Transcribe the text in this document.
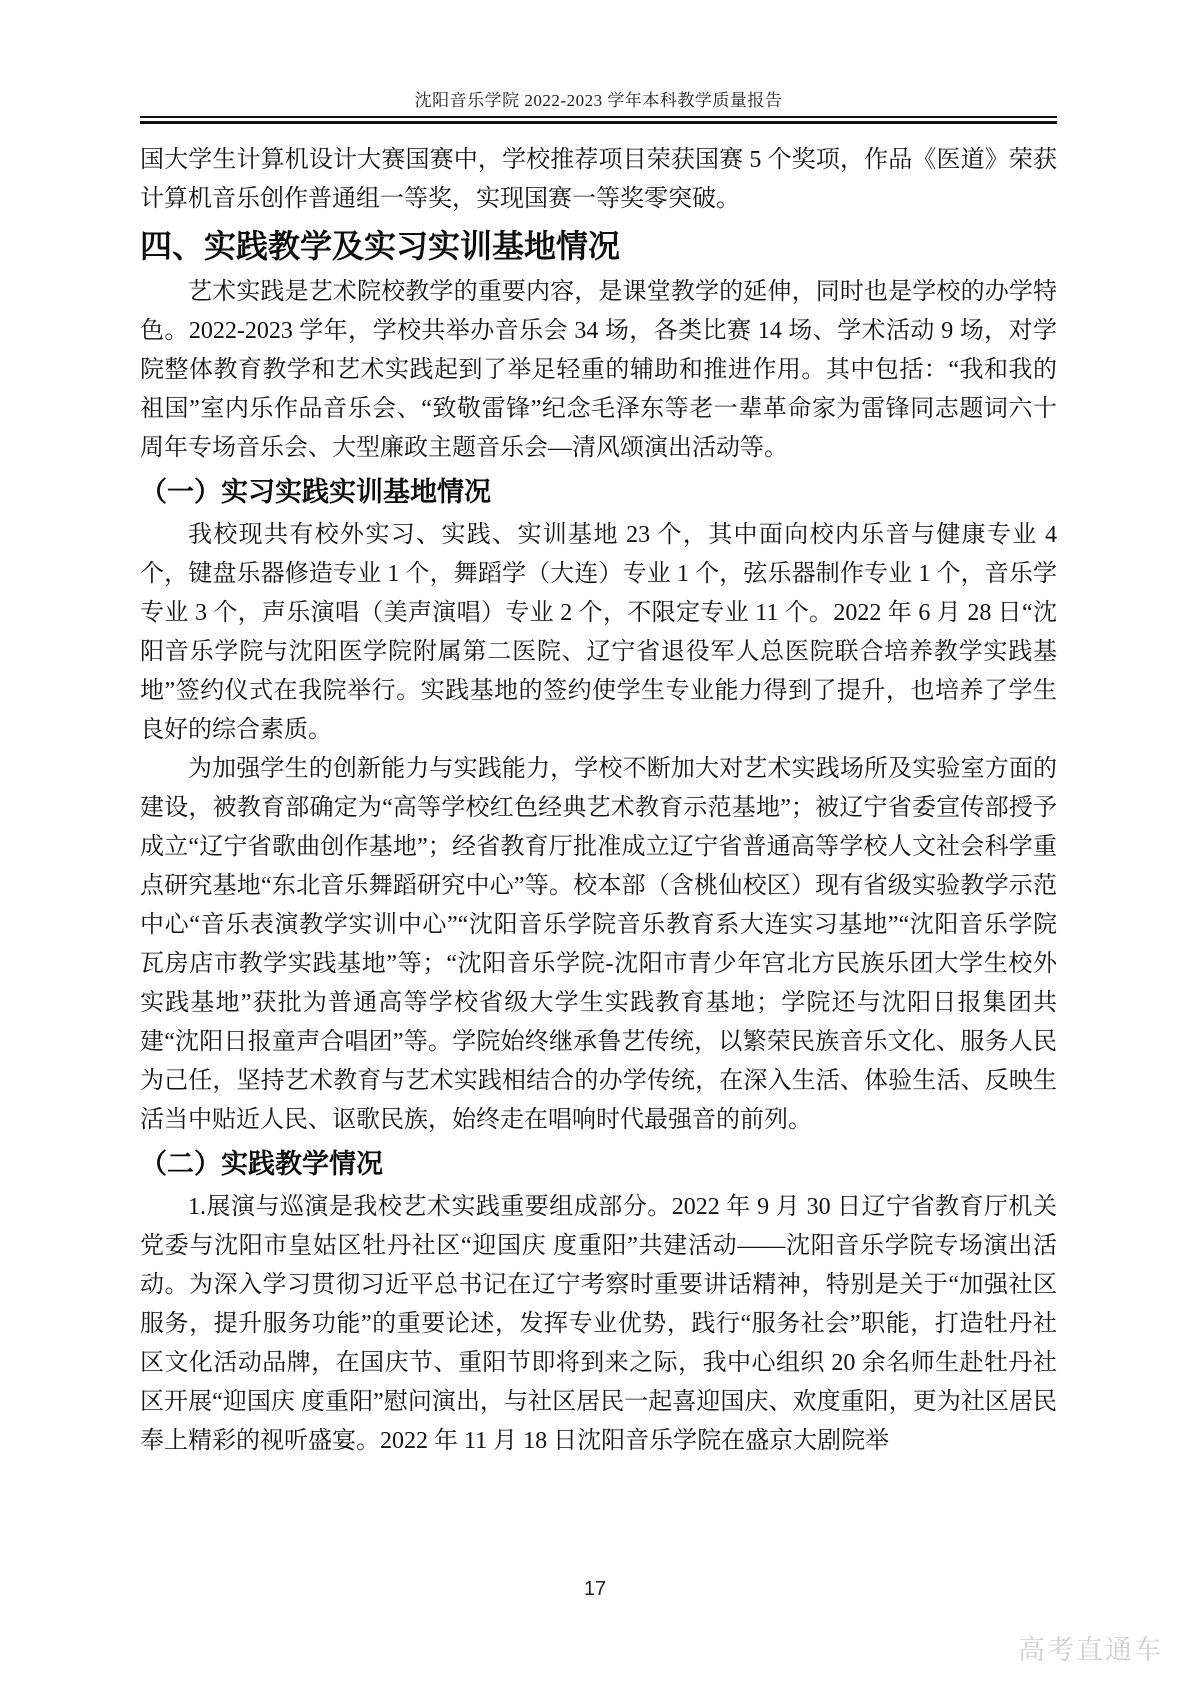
沈阳音乐学院 2022-2023 学年本科教学质量报告

国大学生计算机设计大赛国赛中，学校推荐项目荣获国赛 5 个奖项，作品《医道》荣获计算机音乐创作普通组一等奖，实现国赛一等奖零突破。

四、实践教学及实习实训基地情况

艺术实践是艺术院校教学的重要内容，是课堂教学的延伸，同时也是学校的办学特色。2022-2023 学年，学校共举办音乐会 34 场，各类比赛 14 场、学术活动 9 场，对学院整体教育教学和艺术实践起到了举足轻重的辅助和推进作用。其中包括：“我和我的祖国”室内乐作品音乐会、“致敬雷锋”纪念毛泽东等老一辈革命家为雷锋同志题词六十周年专场音乐会、大型廉政主题音乐会—清风颂演出活动等。

（一）实习实践实训基地情况

我校现共有校外实习、实践、实训基地 23 个，其中面向校内乐音与健康专业 4 个，键盘乐器修造专业 1 个，舞蹈学（大连）专业 1 个，弦乐器制作专业 1 个，音乐学专业 3 个，声乐演唱（美声演唱）专业 2 个，不限定专业 11 个。2022 年 6 月 28 日“沈阳音乐学院与沈阳医学院附属第二医院、辽宁省退役军人总医院联合培养教学实践基地”签约仪式在我院举行。实践基地的签约使学生专业能力得到了提升，也培养了学生良好的综合素质。

为加强学生的创新能力与实践能力，学校不断加大对艺术实践场所及实验室方面的建设，被教育部确定为“高等学校红色经典艺术教育示范基地”；被辽宁省委宣传部授予成立“辽宁省歌曲创作基地”；经省教育厅批准成立辽宁省普通高等学校人文社会科学重点研究基地“东北音乐舞蹈研究中心”等。校本部（含桃仙校区）现有省级实验教学示范中心“音乐表演教学实训中心”“沈阳音乐学院音乐教育系大连实习基地”“沈阳音乐学院瓦房店市教学实践基地”等；“沈阳音乐学院-沈阳市青少年宫北方民族乐团大学生校外实践基地”获批为普通高等学校省级大学生实践教育基地；学院还与沈阳日报集团共建“沈阳日报童声合唱团”等。学院始终继承鲁艺传统，以繁荣民族音乐文化、服务人民为己任，坚持艺术教育与艺术实践相结合的办学传统，在深入生活、体验生活、反映生活当中贴近人民、讴歌民族，始终走在唱响时代最强音的前列。

（二）实践教学情况

1.展演与巡演是我校艺术实践重要组成部分。2022 年 9 月 30 日辽宁省教育厅机关党委与沈阳市皇姑区牡丹社区“迎国庆 度重阳”共建活动——沈阳音乐学院专场演出活动。为深入学习贯彻习近平总书记在辽宁考察时重要讲话精神，特别是关于“加强社区服务，提升服务功能”的重要论述，发挥专业优势，践行“服务社会”职能，打造牡丹社区文化活动品牌，在国庆节、重阳节即将到来之际，我中心组织 20 余名师生赴牡丹社区开展“迎国庆 度重阳”慰问演出，与社区居民一起喜迎国庆、欢度重阳，更为社区居民奉上精彩的视听盛宴。2022 年 11 月 18 日沈阳音乐学院在盛京大剧院举

17
高考直通车
